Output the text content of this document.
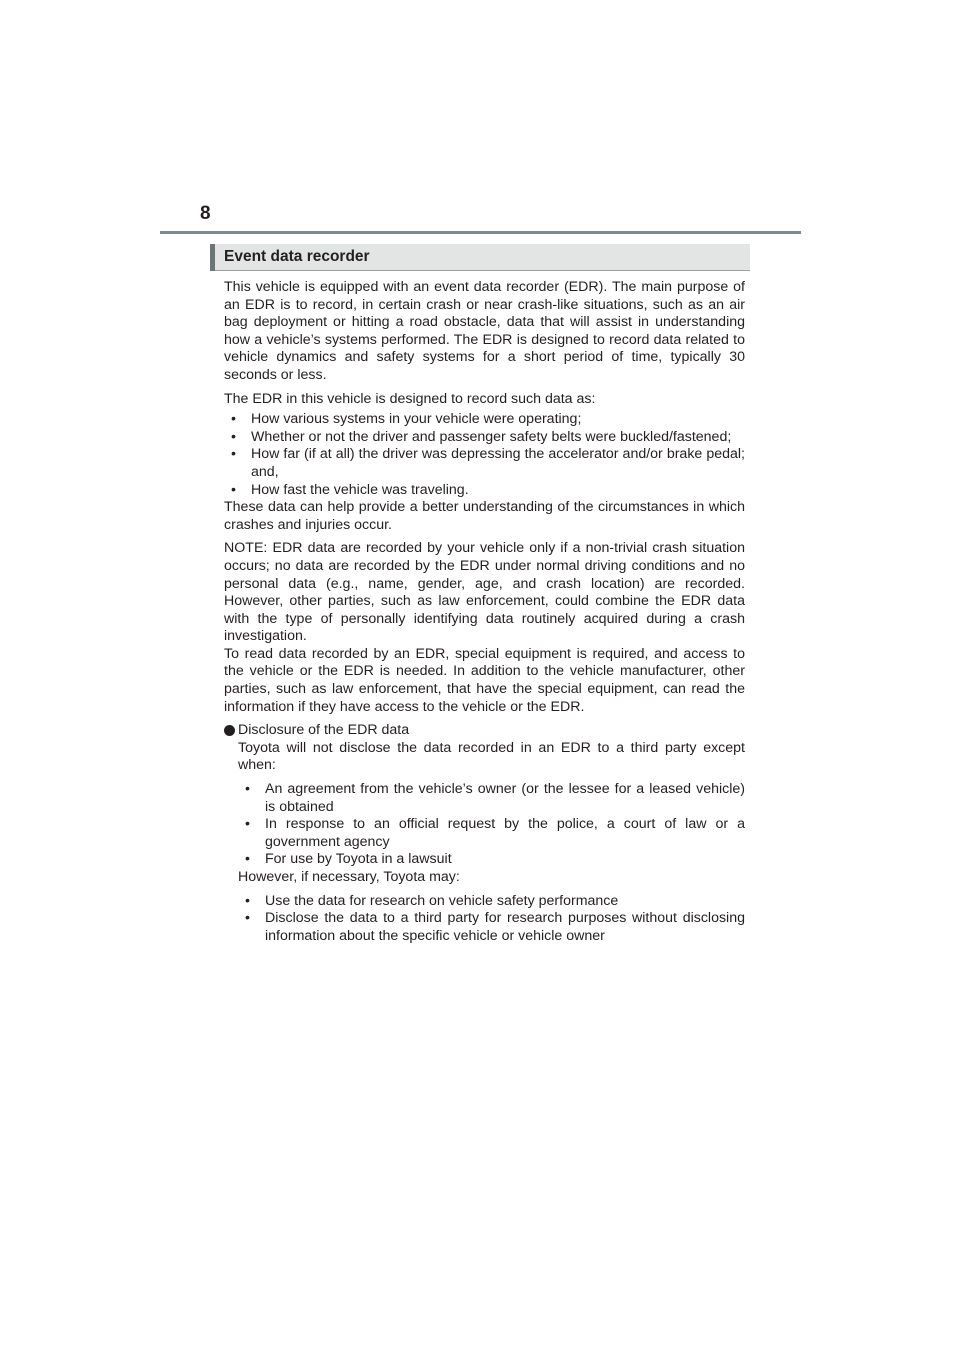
8
Event data recorder

This vehicle is equipped with an event data recorder (EDR). The main purpose of an EDR is to record, in certain crash or near crash-like situations, such as an air bag deployment or hitting a road obstacle, data that will assist in understanding how a vehicle’s systems performed. The EDR is designed to record data related to vehicle dynamics and safety systems for a short period of time, typically 30 seconds or less.

The EDR in this vehicle is designed to record such data as:

• How various systems in your vehicle were operating;
• Whether or not the driver and passenger safety belts were buckled/fastened;
• How far (if at all) the driver was depressing the accelerator and/or brake pedal; and,
• How fast the vehicle was traveling.

These data can help provide a better understanding of the circumstances in which crashes and injuries occur.

NOTE: EDR data are recorded by your vehicle only if a non-trivial crash situation occurs; no data are recorded by the EDR under normal driving conditions and no personal data (e.g., name, gender, age, and crash location) are recorded. However, other parties, such as law enforcement, could combine the EDR data with the type of personally identifying data routinely acquired during a crash investigation.

To read data recorded by an EDR, special equipment is required, and access to the vehicle or the EDR is needed. In addition to the vehicle manufacturer, other parties, such as law enforcement, that have the special equipment, can read the information if they have access to the vehicle or the EDR.

Disclosure of the EDR data

Toyota will not disclose the data recorded in an EDR to a third party except when:

• An agreement from the vehicle’s owner (or the lessee for a leased vehicle) is obtained
• In response to an official request by the police, a court of law or a government agency
• For use by Toyota in a lawsuit

However, if necessary, Toyota may:

• Use the data for research on vehicle safety performance
• Disclose the data to a third party for research purposes without disclosing information about the specific vehicle or vehicle owner
